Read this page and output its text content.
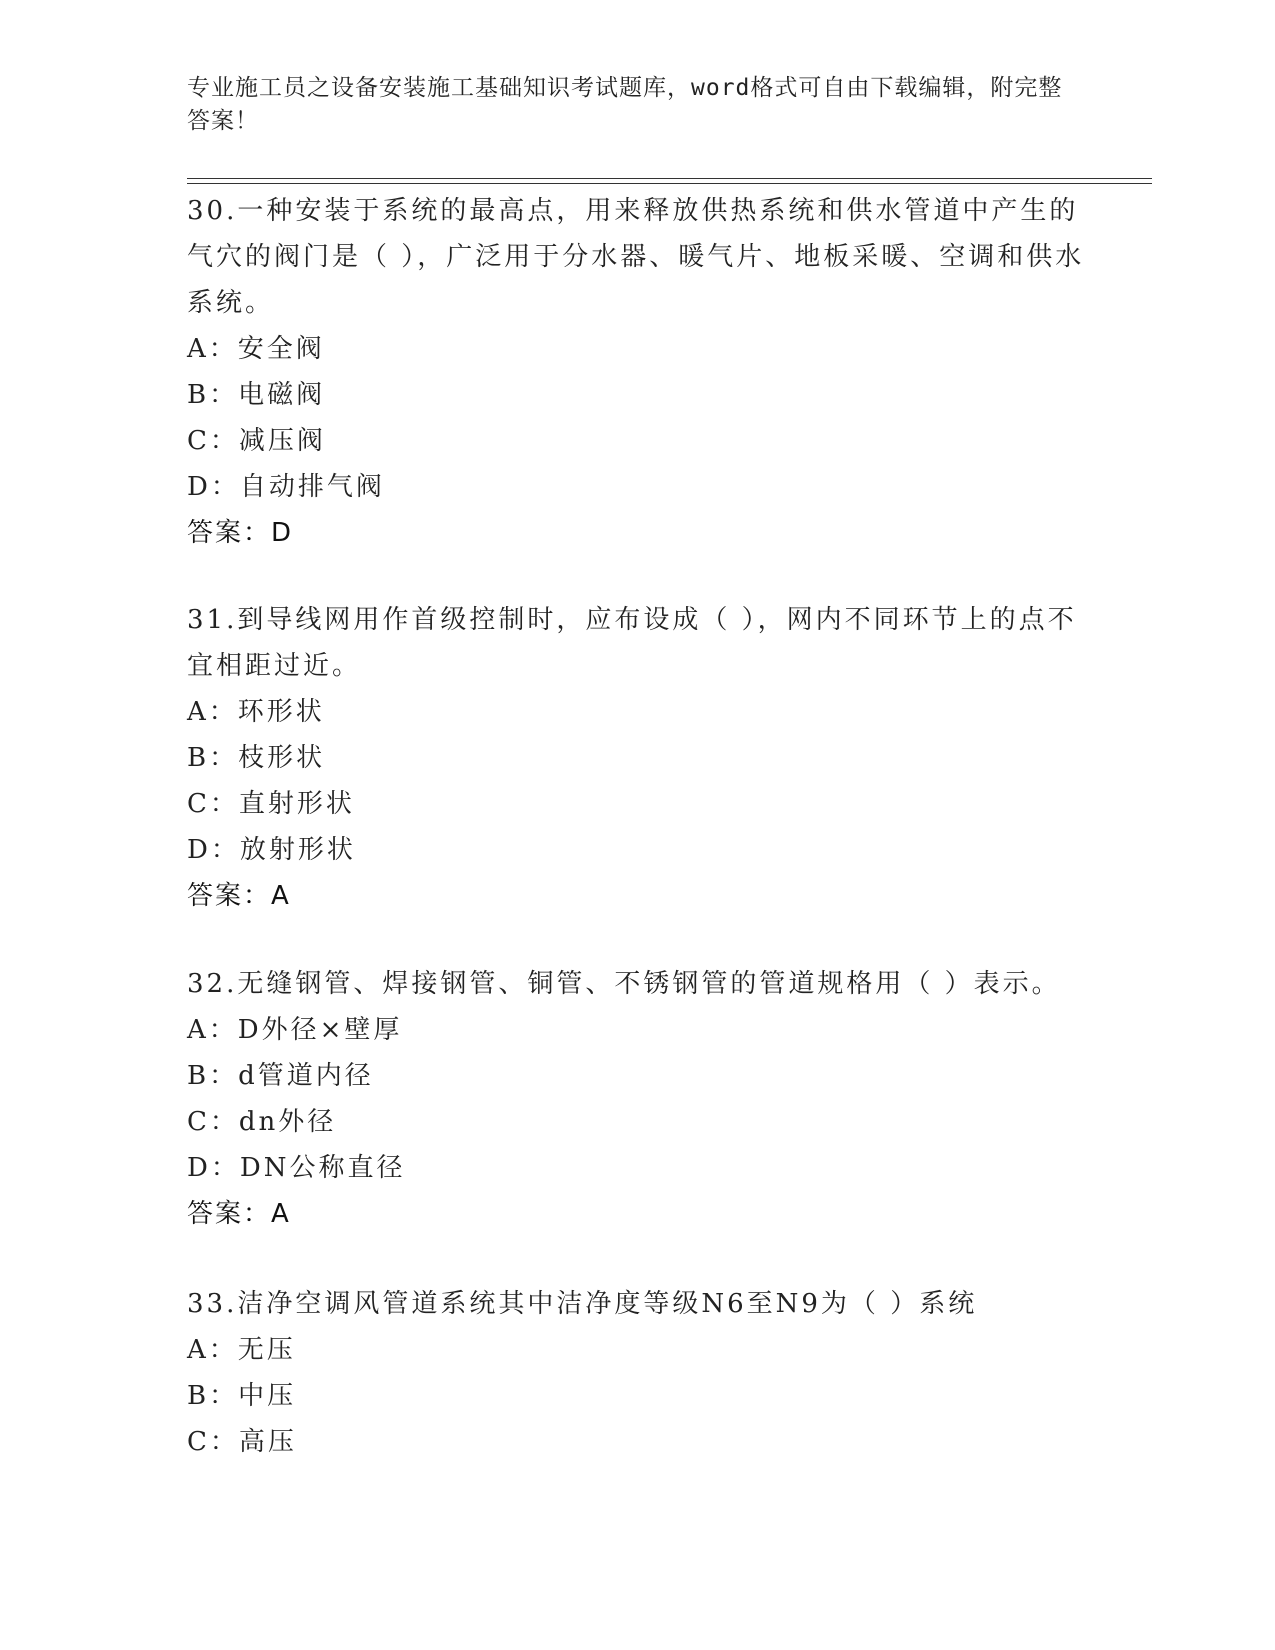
专业施工员之设备安装施工基础知识考试题库，word格式可自由下载编辑，附完整答案！
30.一种安装于系统的最高点，用来释放供热系统和供水管道中产生的气穴的阀门是（ ），广泛用于分水器、暖气片、地板采暖、空调和供水系统。
A：安全阀
B：电磁阀
C：减压阀
D：自动排气阀
答案：D
31.到导线网用作首级控制时，应布设成（ ），网内不同环节上的点不宜相距过近。
A：环形状
B：枝形状
C：直射形状
D：放射形状
答案：A
32.无缝钢管、焊接钢管、铜管、不锈钢管的管道规格用（ ）表示。
A：D外径×壁厚
B：d管道内径
C：dn外径
D：DN公称直径
答案：A
33.洁净空调风管道系统其中洁净度等级N6至N9为（ ）系统
A：无压
B：中压
C：高压
